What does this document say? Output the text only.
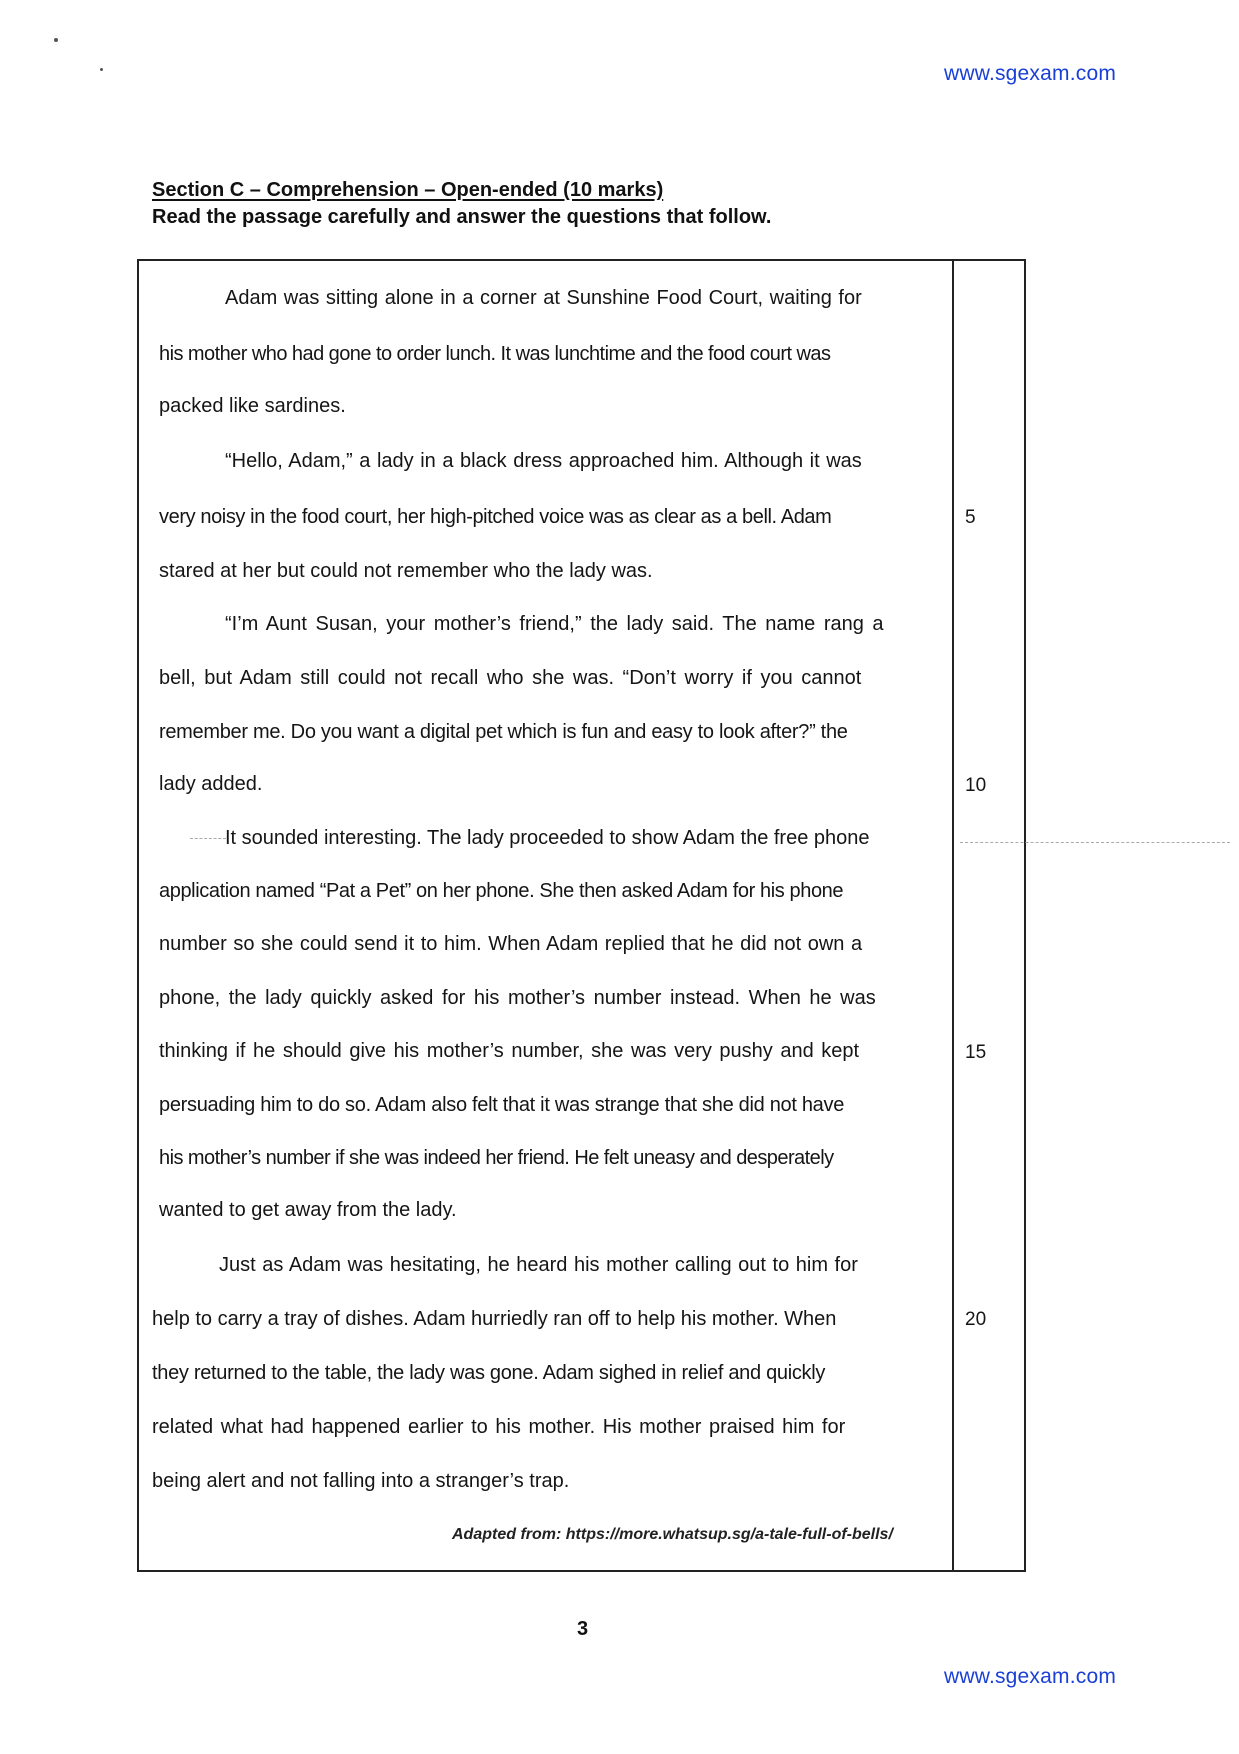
www.sgexam.com
Section C – Comprehension – Open-ended (10 marks)
Read the passage carefully and answer the questions that follow.
Adam was sitting alone in a corner at Sunshine Food Court, waiting for
his mother who had gone to order lunch. It was lunchtime and the food court was
packed like sardines.
“Hello, Adam,” a lady in a black dress approached him. Although it was
very noisy in the food court, her high-pitched voice was as clear as a bell. Adam
stared at her but could not remember who the lady was.
“I’m Aunt Susan, your mother’s friend,” the lady said. The name rang a
bell, but Adam still could not recall who she was. “Don’t worry if you cannot
remember me. Do you want a digital pet which is fun and easy to look after?” the
lady added.
It sounded interesting. The lady proceeded to show Adam the free phone
application named “Pat a Pet” on her phone. She then asked Adam for his phone
number so she could send it to him. When Adam replied that he did not own a
phone, the lady quickly asked for his mother’s number instead. When he was
thinking if he should give his mother’s number, she was very pushy and kept
persuading him to do so. Adam also felt that it was strange that she did not have
his mother’s number if she was indeed her friend. He felt uneasy and desperately
wanted to get away from the lady.
Just as Adam was hesitating, he heard his mother calling out to him for
help to carry a tray of dishes. Adam hurriedly ran off to help his mother. When
they returned to the table, the lady was gone. Adam sighed in relief and quickly
related what had happened earlier to his mother. His mother praised him for
being alert and not falling into a stranger’s trap.
5
10
15
20
Adapted from: https://more.whatsup.sg/a-tale-full-of-bells/
3
www.sgexam.com
